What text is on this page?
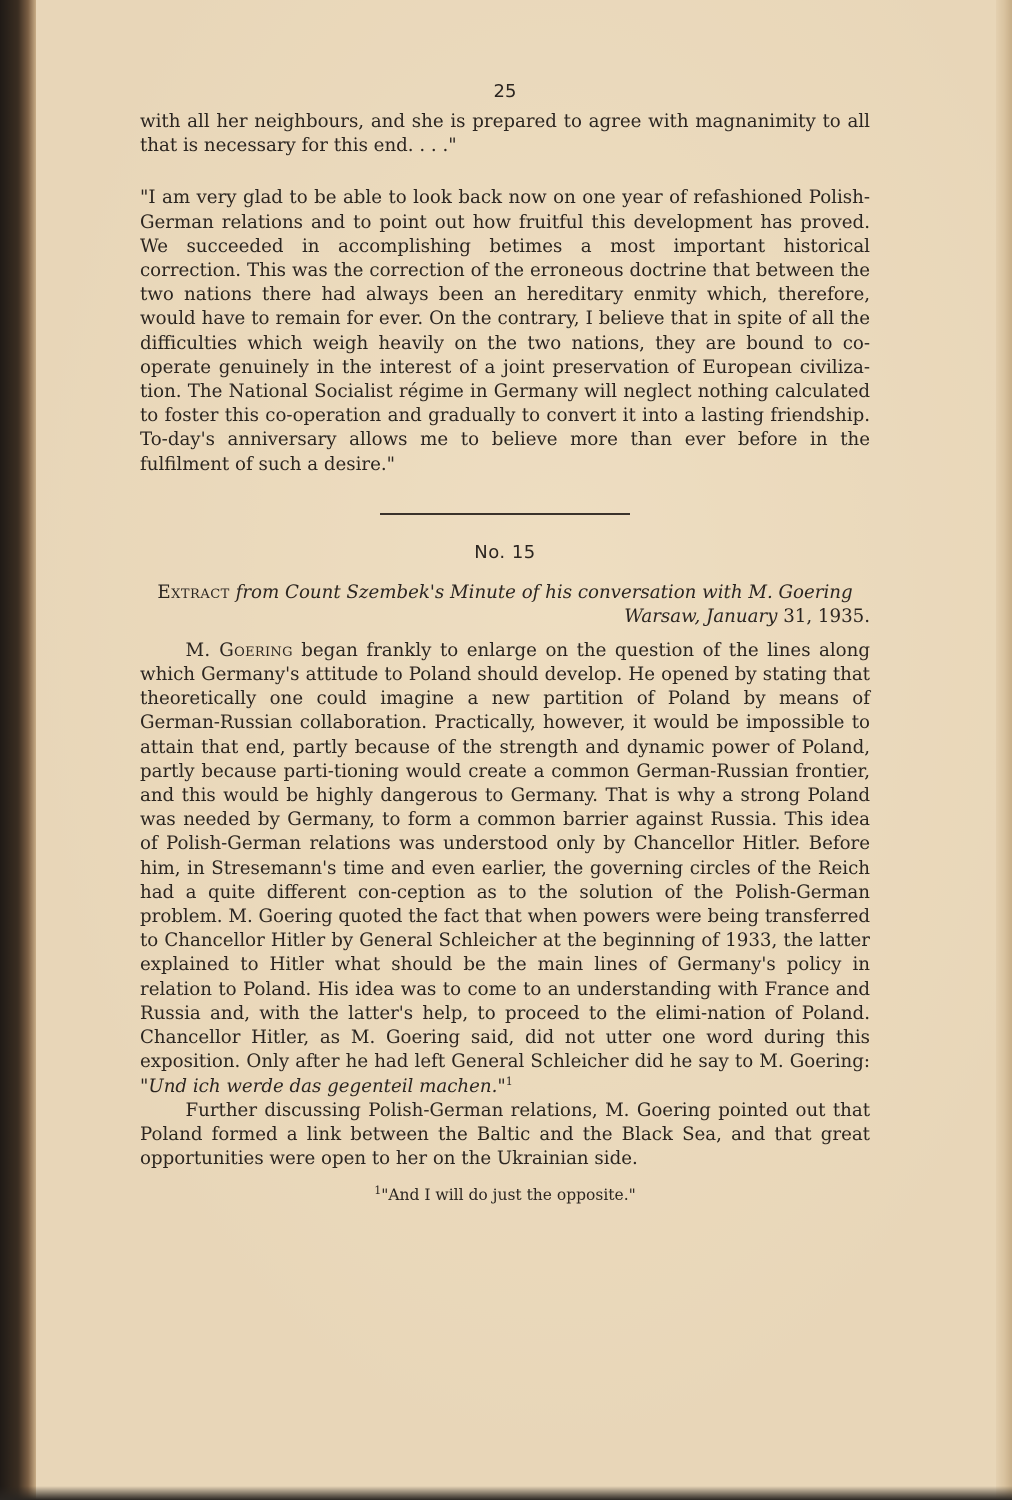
25

with all her neighbours, and she is prepared to agree with magnanimity to all that is necessary for this end. . . ."

"I am very glad to be able to look back now on one year of refashioned Polish-German relations and to point out how fruitful this development has proved. We succeeded in accomplishing betimes a most important historical correction. This was the correction of the erroneous doctrine that between the two nations there had always been an hereditary enmity which, therefore, would have to remain for ever. On the contrary, I believe that in spite of all the difficulties which weigh heavily on the two nations, they are bound to co-operate genuinely in the interest of a joint preservation of European civiliza-tion. The National Socialist régime in Germany will neglect nothing calculated to foster this co-operation and gradually to convert it into a lasting friendship. To-day's anniversary allows me to believe more than ever before in the fulfilment of such a desire."

No. 15
Extract from Count Szembek's Minute of his conversation with M. Goering
Warsaw, January 31, 1935.

M. Goering began frankly to enlarge on the question of the lines along which Germany's attitude to Poland should develop. He opened by stating that theoretically one could imagine a new partition of Poland by means of German-Russian collaboration. Practically, however, it would be impossible to attain that end, partly because of the strength and dynamic power of Poland, partly because parti-tioning would create a common German-Russian frontier, and this would be highly dangerous to Germany. That is why a strong Poland was needed by Germany, to form a common barrier against Russia. This idea of Polish-German relations was understood only by Chancellor Hitler. Before him, in Stresemann's time and even earlier, the governing circles of the Reich had a quite different con-ception as to the solution of the Polish-German problem. M. Goering quoted the fact that when powers were being transferred to Chancellor Hitler by General Schleicher at the beginning of 1933, the latter explained to Hitler what should be the main lines of Germany's policy in relation to Poland. His idea was to come to an understanding with France and Russia and, with the latter's help, to proceed to the elimi-nation of Poland. Chancellor Hitler, as M. Goering said, did not utter one word during this exposition. Only after he had left General Schleicher did he say to M. Goering: "Und ich werde das gegenteil machen."$^1$

Further discussing Polish-German relations, M. Goering pointed out that Poland formed a link between the Baltic and the Black Sea, and that great opportunities were open to her on the Ukrainian side.

$^1$"And I will do just the opposite."
